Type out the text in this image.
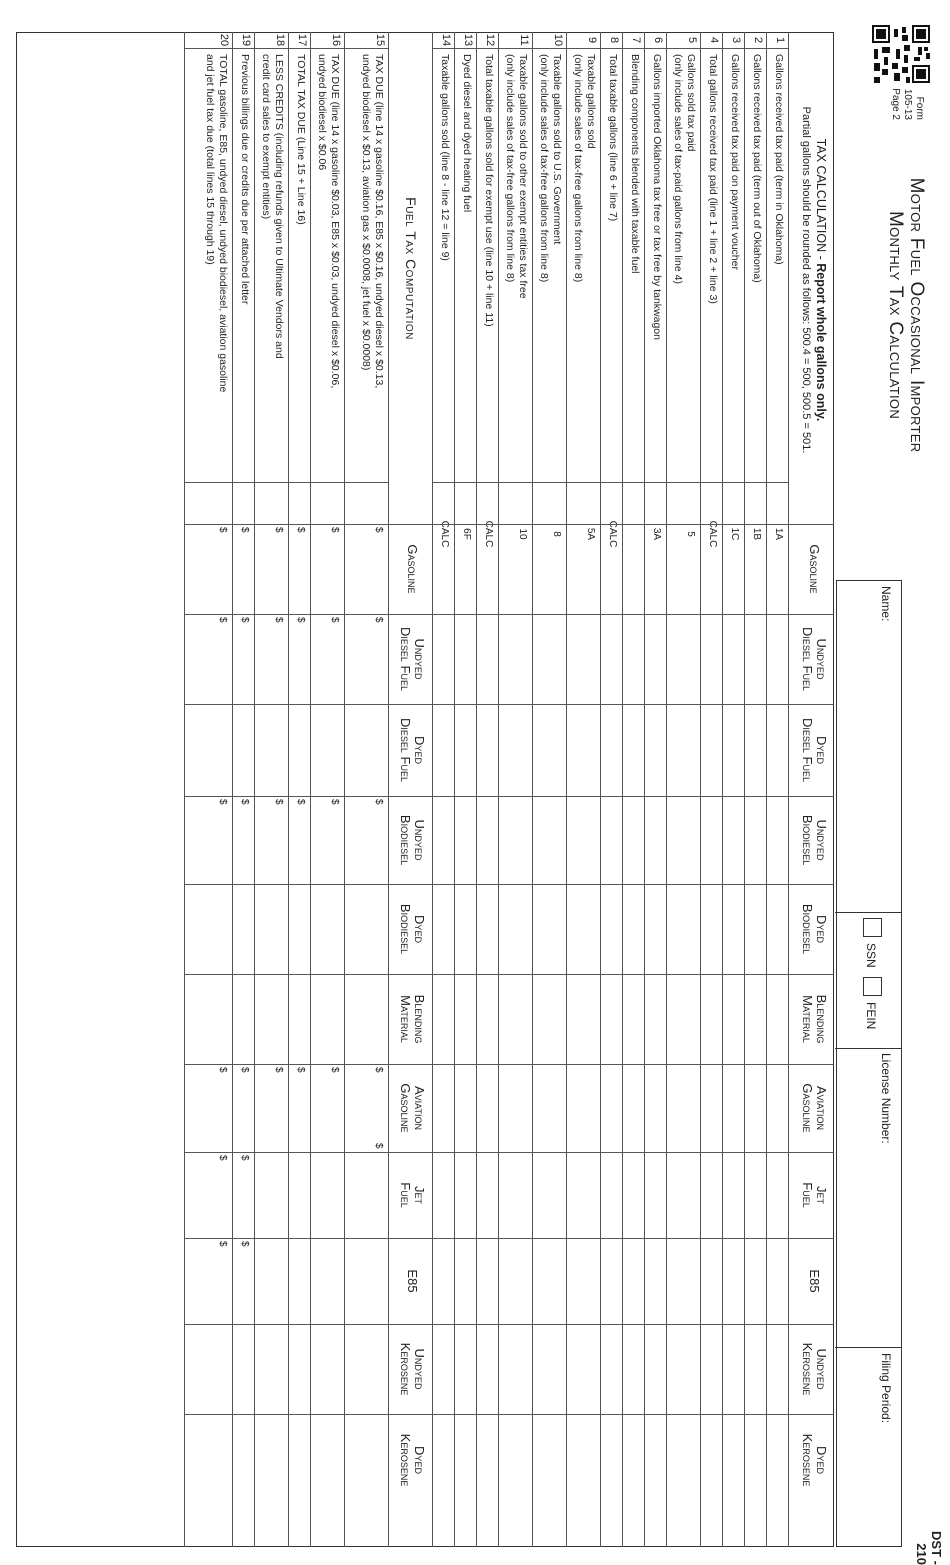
Form 105-13
Page 2
Motor Fuel Occasional Importer
Monthly Tax Calculation
DST - 210
Name:
SSN
FEIN
License Number:
Filing Period:
TAX CALCULATION - Report whole gallons only.
Partial gallons should be rounded as follows: 500.4 = 500, 500.5 = 501.
Gasoline
Undyed
Diesel Fuel
Dyed
Diesel Fuel
Undyed
Biodiesel
Dyed
Biodiesel
Blending
Material
Aviation
Gasoline
Jet
Fuel
E85
Undyed
Kerosene
Dyed
Kerosene
1
Gallons received tax paid (term in Oklahoma)
1A
2
Gallons received tax paid (term out of Oklahoma)
1B
3
Gallons received tax paid on payment voucher
1C
4
Total gallons received tax paid (line 1 + line 2 + line 3)
CALC
5
Gallons sold tax paid
(only include sales of tax-paid gallons from line 4)
5
6
Gallons imported Oklahoma tax free or tax free by tankwagon
3A
7
Blending components blended with taxable fuel
8
Total taxable gallons (line 6 + line 7)
CALC
9
Taxable gallons sold
(only include sales of tax-free gallons from line 8)
5A
10
Taxable gallons sold to U.S. Government
(only include sales of tax-free gallons from line 8)
8
11
Taxable gallons sold to other exempt entities tax free
(only include sales of tax-free gallons from line 8)
10
12
Total taxable gallons sold for exempt use (line 10 + line 11)
CALC
13
Dyed diesel and dyed heating fuel
6F
14
Taxable gallons sold (line 8 - line 12 = line 9)
CALC
Fuel Tax Computation
Gasoline
Undyed
Diesel Fuel
Dyed
Diesel Fuel
Undyed
Biodiesel
Dyed
Biodiesel
Blending
Material
Aviation
Gasoline
Jet
Fuel
E85
Undyed
Kerosene
Dyed
Kerosene
15
TAX DUE (line 14 x gasoline $0.16, E85 x $0.16, undyed diesel x $0.13,
undyed biodiesel x $0.13, aviation gas x $0.0008, jet fuel x $0.0008)
$
$
$
$
$
16
TAX DUE (line 14 x gasoline $0.03, E85 x $0.03, undyed diesel x $0.06,
undyed biodiesel x $0.06
$
$
$
$
17
TOTAL TAX DUE (Line 15 + Line 16)
$
$
$
$
18
LESS CREDITS (including refunds given to Ultimate Vendors and
credit card sales to exempt entities)
$
$
$
$
19
Previous billings due or credits due per attached letter
$
$
$
$
$
$
20
TOTAL gasoline, E85, undyed diesel, undyed biodiesel, aviation gasoline
and jet fuel tax due (total lines 15 through 19)
$
$
$
$
$
$
